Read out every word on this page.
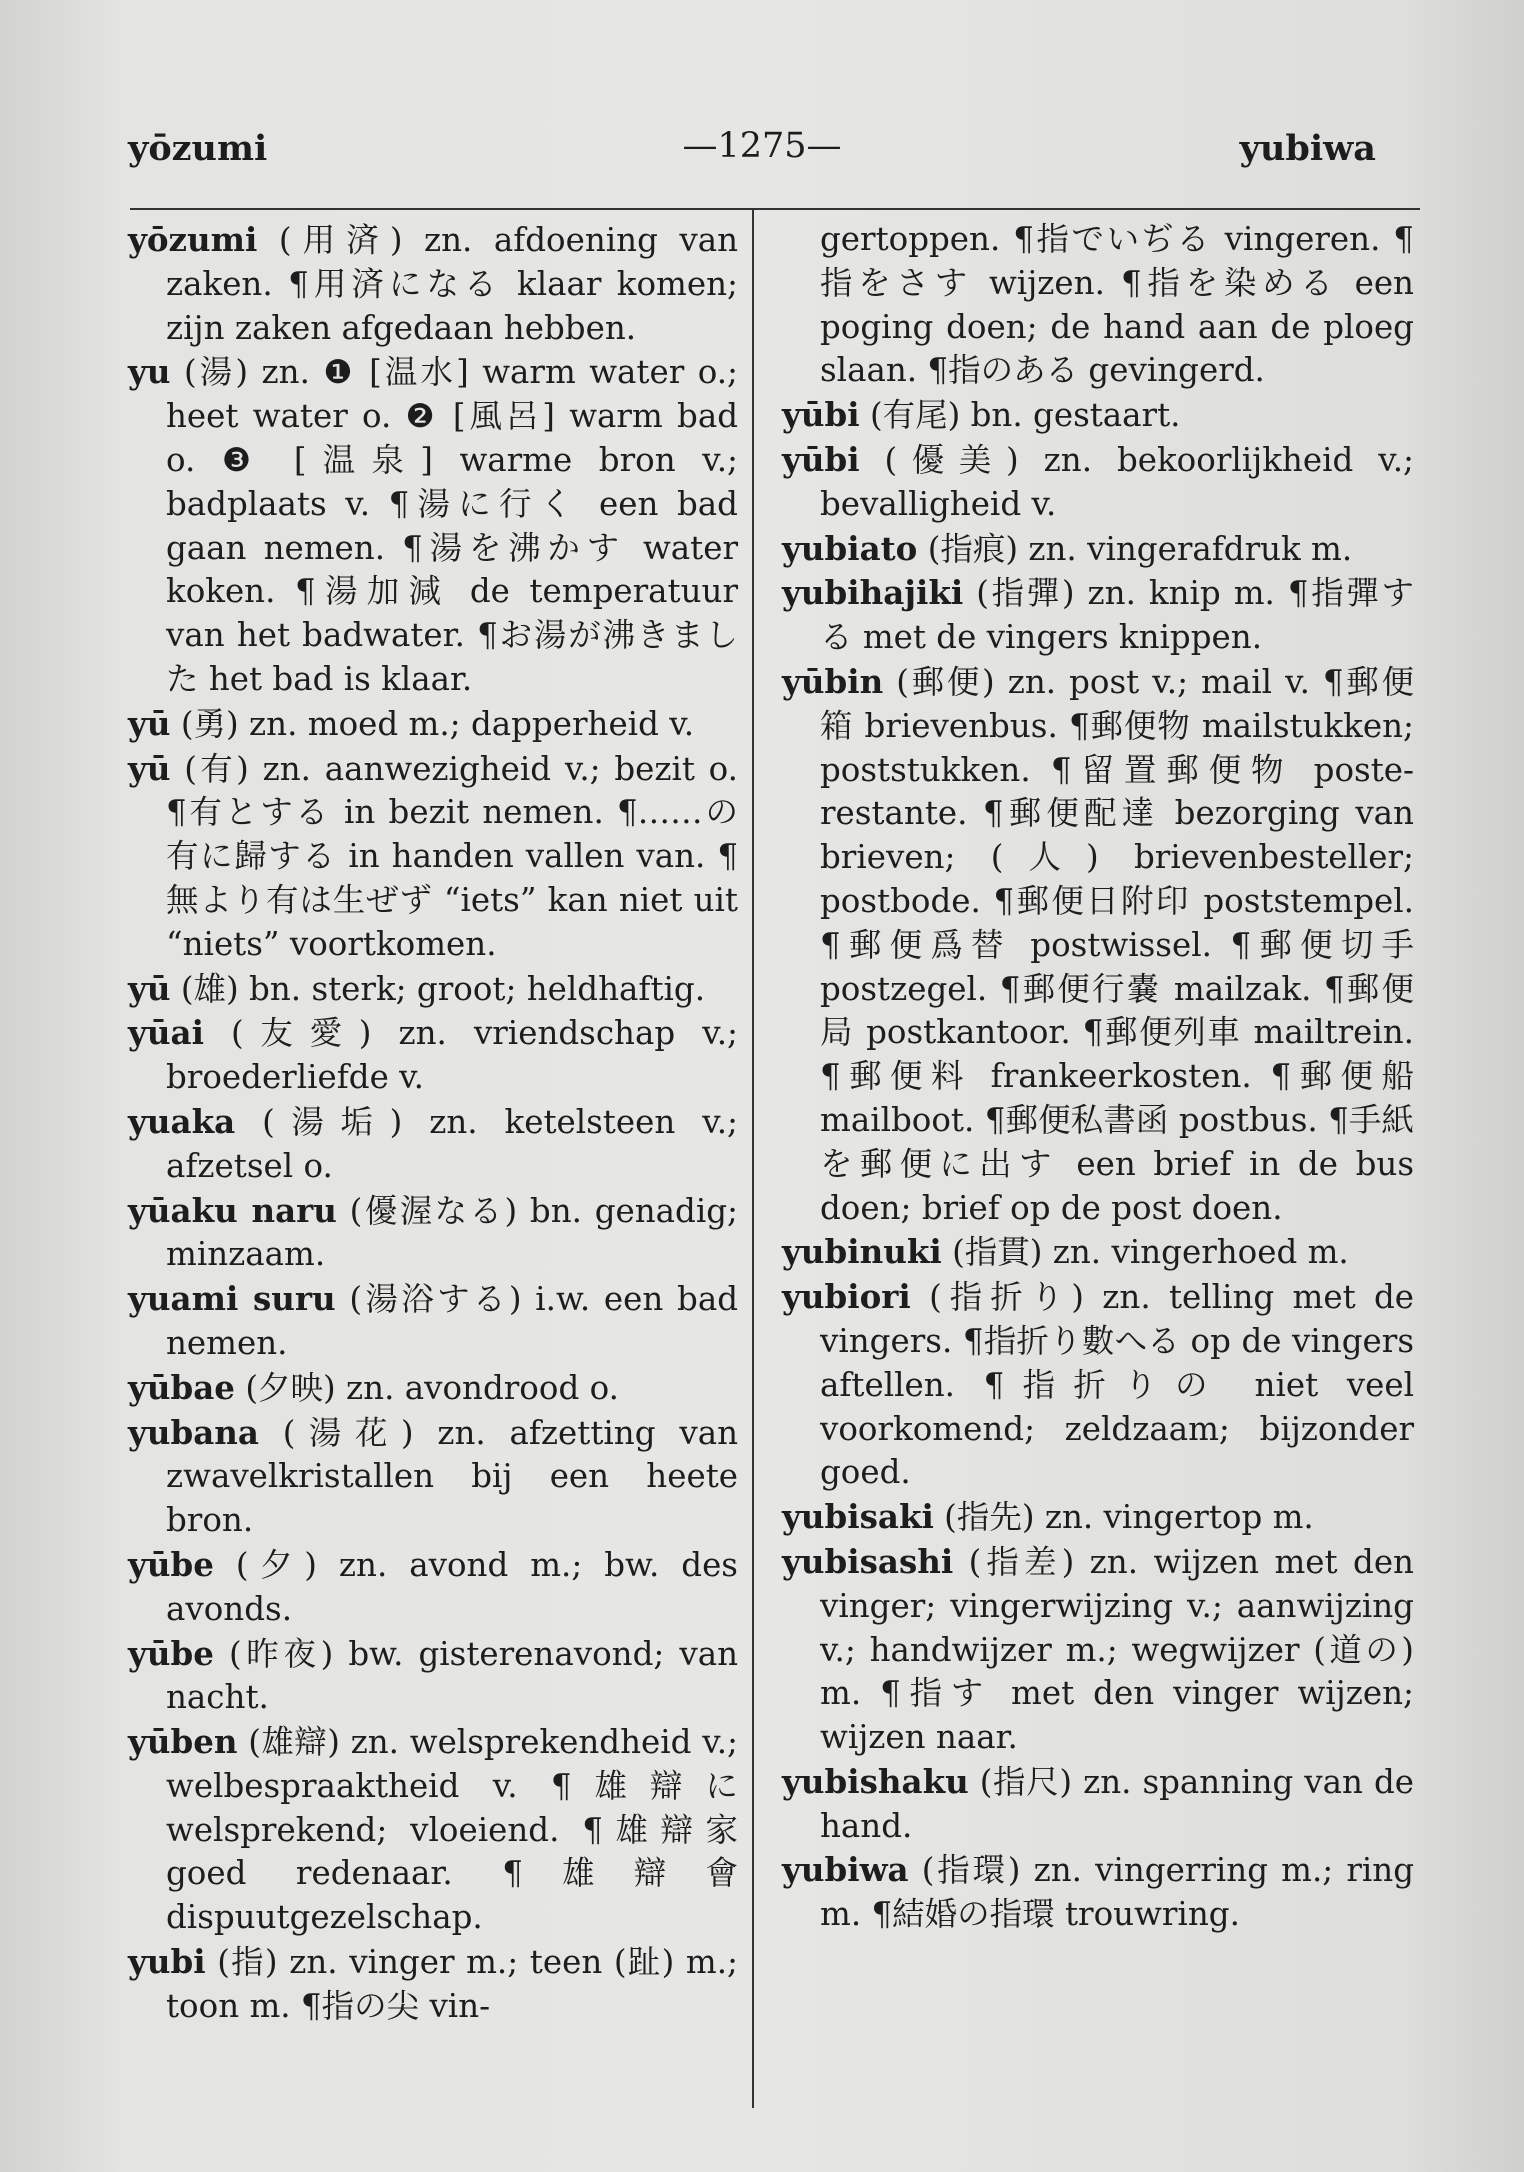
yōzumi	—1275—	yubiwa

yōzumi (用済) zn. afdoening van zaken. ¶用済になる klaar komen; zijn zaken afgedaan hebben.

yu (湯) zn. ❶ [温水] warm water o.; heet water o. ❷ [風呂] warm bad o. ❸ [温泉] warme bron v.; badplaats v. ¶湯に行く een bad gaan nemen. ¶湯を沸かす water koken. ¶湯加減 de temperatuur van het badwater. ¶お湯が沸きました het bad is klaar.

yū (勇) zn. moed m.; dapperheid v.

yū (有) zn. aanwezigheid v.; bezit o. ¶有とする in bezit nemen. ¶……の有に歸する in handen vallen van. ¶無より有は生ぜず “iets” kan niet uit “niets” voortkomen.

yū (雄) bn. sterk; groot; heldhaftig.

yūai (友愛) zn. vriendschap v.; broederliefde v.

yuaka (湯垢) zn. ketelsteen v.; afzetsel o.

yūaku naru (優渥なる) bn. genadig; minzaam.

yuami suru (湯浴する) i.w. een bad nemen.

yūbae (夕映) zn. avondrood o.

yubana (湯花) zn. afzetting van zwavelkristallen bij een heete bron.

yūbe (夕) zn. avond m.; bw. des avonds.

yūbe (昨夜) bw. gisterenavond; van nacht.

yūben (雄辯) zn. welsprekendheid v.; welbespraaktheid v. ¶雄辯に welsprekend; vloeiend. ¶雄辯家 goed redenaar. ¶雄辯會 dispuutgezelschap.

yubi (指) zn. vinger m.; teen (趾) m.; toon m. ¶指の尖 vin-

gertoppen. ¶指でいぢる vingeren. ¶指をさす wijzen. ¶指を染める een poging doen; de hand aan de ploeg slaan. ¶指のある gevingerd.

yūbi (有尾) bn. gestaart.

yūbi (優美) zn. bekoorlijkheid v.; bevalligheid v.

yubiato (指痕) zn. vingerafdruk m.

yubihajiki (指彈) zn. knip m. ¶指彈する met de vingers knippen.

yūbin (郵便) zn. post v.; mail v. ¶郵便箱 brievenbus. ¶郵便物 mailstukken; poststukken. ¶留置郵便物 poste-restante. ¶郵便配達 bezorging van brieven; (人) brievenbesteller; postbode. ¶郵便日附印 poststempel. ¶郵便爲替 postwissel. ¶郵便切手 postzegel. ¶郵便行嚢 mailzak. ¶郵便局 postkantoor. ¶郵便列車 mailtrein. ¶郵便料 frankeerkosten. ¶郵便船 mailboot. ¶郵便私書函 postbus. ¶手紙を郵便に出す een brief in de bus doen; brief op de post doen.

yubinuki (指貫) zn. vingerhoed m.

yubiori (指折り) zn. telling met de vingers. ¶指折り數へる op de vingers aftellen. ¶指折りの niet veel voorkomend; zeldzaam; bijzonder goed.

yubisaki (指先) zn. vingertop m.

yubisashi (指差) zn. wijzen met den vinger; vingerwijzing v.; aanwijzing v.; handwijzer m.; wegwijzer (道の) m. ¶指す met den vinger wijzen; wijzen naar.

yubishaku (指尺) zn. spanning van de hand.

yubiwa (指環) zn. vingerring m.; ring m. ¶結婚の指環 trouwring.
